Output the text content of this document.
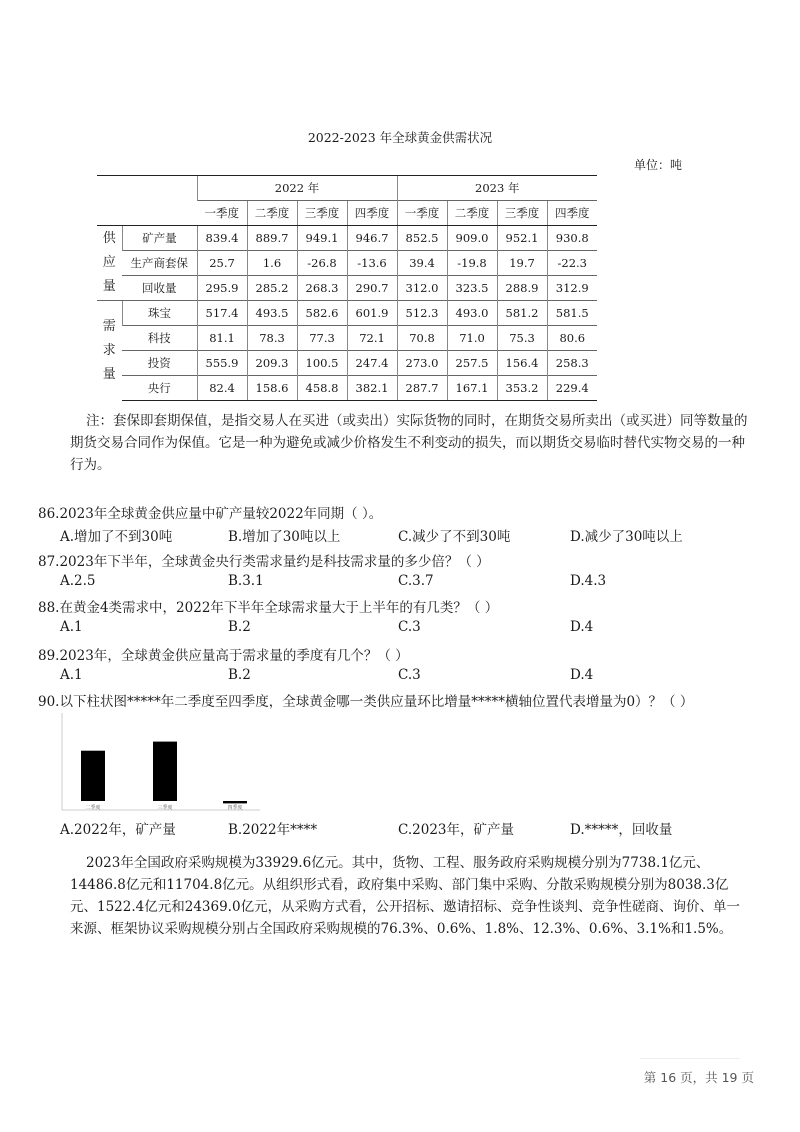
2022-2023 年全球黄金供需状况
单位：吨
		2022 年				2023 年			
		一季度	二季度	三季度	四季度	一季度	二季度	三季度	四季度
供
应
量	矿产量	839.4	889.7	949.1	946.7	852.5	909.0	952.1	930.8
	生产商套保	25.7	1.6	-26.8	-13.6	39.4	-19.8	19.7	-22.3
	回收量	295.9	285.2	268.3	290.7	312.0	323.5	288.9	312.9
需
求
量	珠宝	517.4	493.5	582.6	601.9	512.3	493.0	581.2	581.5
	科技	81.1	78.3	77.3	72.1	70.8	71.0	75.3	80.6
	投资	555.9	209.3	100.5	247.4	273.0	257.5	156.4	258.3
	央行	82.4	158.6	458.8	382.1	287.7	167.1	353.2	229.4
注：套保即套期保值，是指交易人在买进（或卖出）实际货物的同时，在期货交易所卖出（或买进）同等数量的期货交易合同作为保值。它是一种为避免或减少价格发生不利变动的损失，而以期货交易临时替代实物交易的一种行为。
86.2023年全球黄金供应量中矿产量较2022年同期（ ）。
A.增加了不到30吨	B.增加了30吨以上	C.减少了不到30吨	D.减少了30吨以上
87.2023年下半年，全球黄金央行类需求量约是科技需求量的多少倍？（ ）
A.2.5	B.3.1	C.3.7	D.4.3
88.在黄金4类需求中，2022年下半年全球需求量大于上半年的有几类？（ ）
A.1	B.2	C.3	D.4
89.2023年，全球黄金供应量高于需求量的季度有几个？（ ）
A.1	B.2	C.3	D.4
90.以下柱状图*****年二季度至四季度，全球黄金哪一类供应量环比增量*****横轴位置代表增量为0）？（ ）
A.2022年，矿产量	B.2022年****	C.2023年，矿产量	D.*****，回收量
二季度	三季度	四季度
2023年全国政府采购规模为33929.6亿元。其中，货物、工程、服务政府采购规模分别为7738.1亿元、14486.8亿元和11704.8亿元。从组织形式看，政府集中采购、部门集中采购、分散采购规模分别为8038.3亿元、1522.4亿元和24369.0亿元，从采购方式看，公开招标、邀请招标、竞争性谈判、竞争性磋商、询价、单一来源、框架协议采购规模分别占全国政府采购规模的76.3%、0.6%、1.8%、12.3%、0.6%、3.1%和1.5%。
第 16 页，共 19 页
